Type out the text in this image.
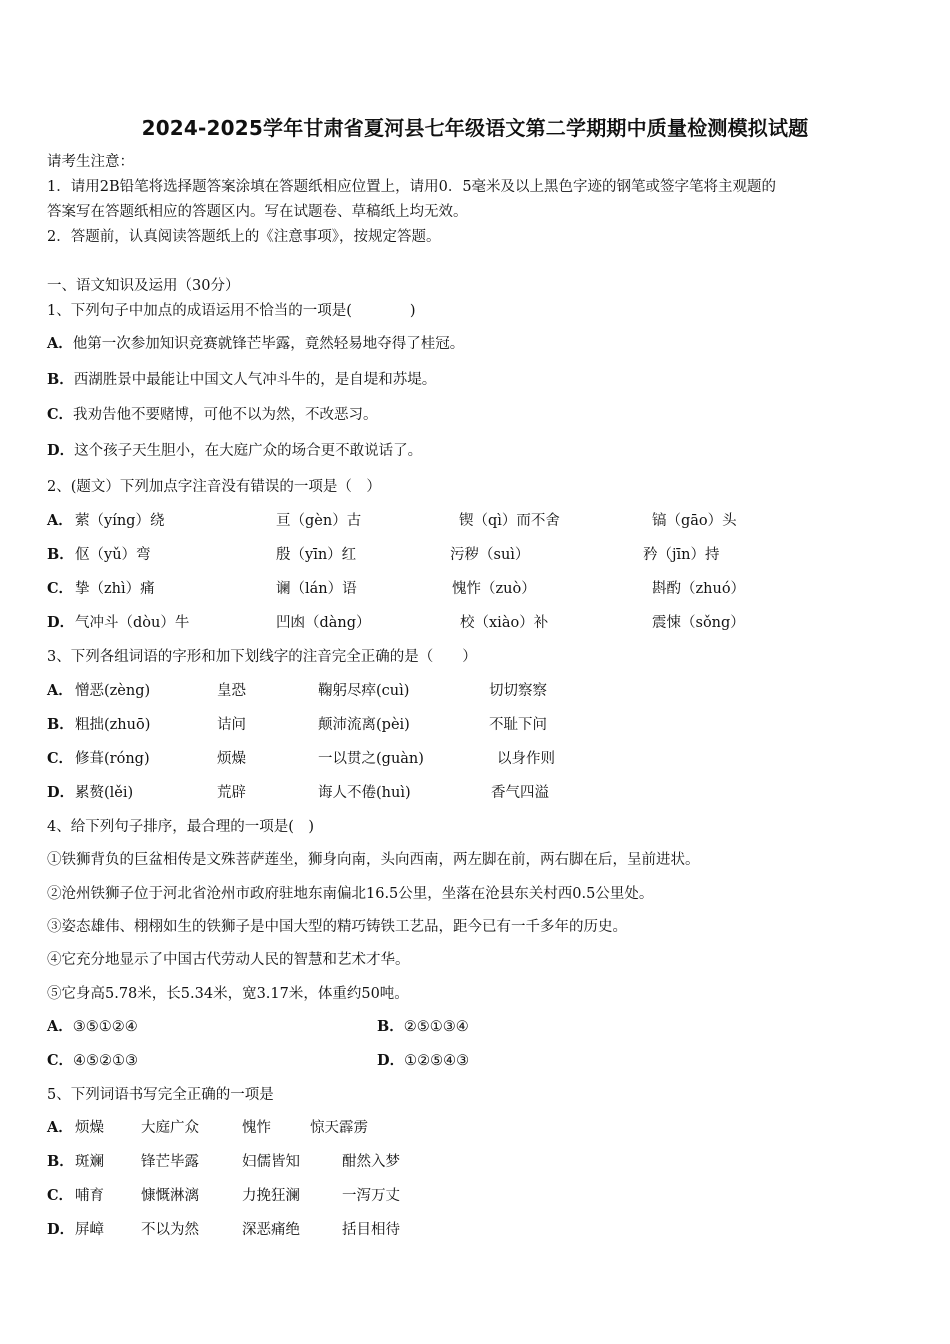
2024-2025学年甘肃省夏河县七年级语文第二学期期中质量检测模拟试题
请考生注意：
1．请用2B铅笔将选择题答案涂填在答题纸相应位置上，请用0．5毫米及以上黑色字迹的钢笔或签字笔将主观题的
答案写在答题纸相应的答题区内。写在试题卷、草稿纸上均无效。
2．答题前，认真阅读答题纸上的《注意事项》，按规定答题。
一、语文知识及运用（30分）
1、下列句子中加点的成语运用不恰当的一项是(　　　　)
A．他第一次参加知识竞赛就锋芒毕露，竟然轻易地夺得了桂冠。
B．西湖胜景中最能让中国文人气冲斗牛的，是自堤和苏堤。
C．我劝告他不要赌博，可他不以为然，不改恶习。
D．这个孩子天生胆小，在大庭广众的场合更不敢说话了。
2、(题文）下列加点字注音没有错误的一项是（　）
A． 萦（yíng）绕	亘（gèn）古	锲（qì）而不舍	镐（gāo）头
B． 伛（yǔ）弯	殷（yīn）红	污秽（suì）	矜（jīn）持
C． 挚（zhì）痛	谰（lán）语	愧怍（zuò）	斟酌（zhuó）
D． 气冲斗（dòu）牛	凹凼（dàng）	校（xiào）补	震悚（sǒng）
3、下列各组词语的字形和加下划线字的注音完全正确的是（　　）
A． 憎恶(zèng)	皇恐	鞠躬尽瘁(cuì)	切切察察
B． 粗拙(zhuō)	诘问	颠沛流离(pèi)	不耻下问
C． 修葺(róng)	烦燥	一以贯之(guàn)	以身作则
D． 累赘(lěi)	荒辟	诲人不倦(huì)	香气四溢
4、给下列句子排序，最合理的一项是(　)
①铁狮背负的巨盆相传是文殊菩萨莲坐，狮身向南，头向西南，两左脚在前，两右脚在后，呈前进状。
②沧州铁狮子位于河北省沧州市政府驻地东南偏北16.5公里，坐落在沧县东关村西0.5公里处。
③姿态雄伟、栩栩如生的铁狮子是中国大型的精巧铸铁工艺品，距今已有一千多年的历史。
④它充分地显示了中国古代劳动人民的智慧和艺术才华。
⑤它身高5.78米，长5.34米，宽3.17米，体重约50吨。
A．③⑤①②④	B．②⑤①③④
C．④⑤②①③	D．①②⑤④③
5、下列词语书写完全正确的一项是
A． 烦燥	大庭广众	愧怍	惊天霹雳
B． 斑斓	锋芒毕露	妇儒皆知	酣然入梦
C． 哺育	慷慨淋漓	力挽狂澜	一泻万丈
D． 屏嶂	不以为然	深恶痛绝	括目相待
